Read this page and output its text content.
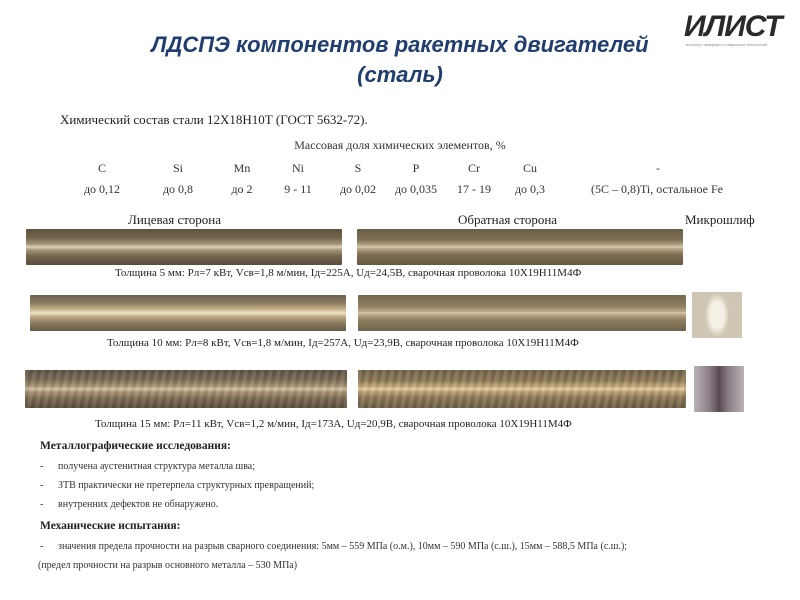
ЛДСПЭ компонентов ракетных двигателей
(сталь)
ИЛИСТ
институт лазерных и сварочных технологий
Химический состав стали 12Х18Н10Т (ГОСТ 5632-72).
Массовая доля химических элементов, %
C	Si	Mn	Ni	S	P	Cr	Cu	-
до 0,12	до 0,8	до 2	9 - 11	до 0,02	до 0,035	17 - 19	до 0,3	(5С – 0,8)Ti, остальное Fe
Лицевая сторона	Обратная сторона	Микрошлиф
Толщина 5 мм: Рл=7 кВт, Vсв=1,8 м/мин, Iд=225А, Uд=24,5В, сварочная проволока 10Х19Н11М4Ф
Толщина 10 мм: Рл=8 кВт, Vсв=1,8 м/мин, Iд=257А, Uд=23,9В, сварочная проволока 10Х19Н11М4Ф
Толщина 15 мм: Рл=11 кВт, Vсв=1,2 м/мин, Iд=173А, Uд=20,9В, сварочная проволока 10Х19Н11М4Ф
Металлографические исследования:
- получена аустенитная структура металла шва;
- ЗТВ практически не претерпела структурных превращений;
- внутренних дефектов не обнаружено.
Механические испытания:
- значения предела прочности на разрыв сварного соединения: 5мм – 559 МПа (о.м.), 10мм – 590 МПа (с.ш.), 15мм – 588,5 МПа (с.ш.);
(предел прочности на разрыв основного металла – 530 МПа)
